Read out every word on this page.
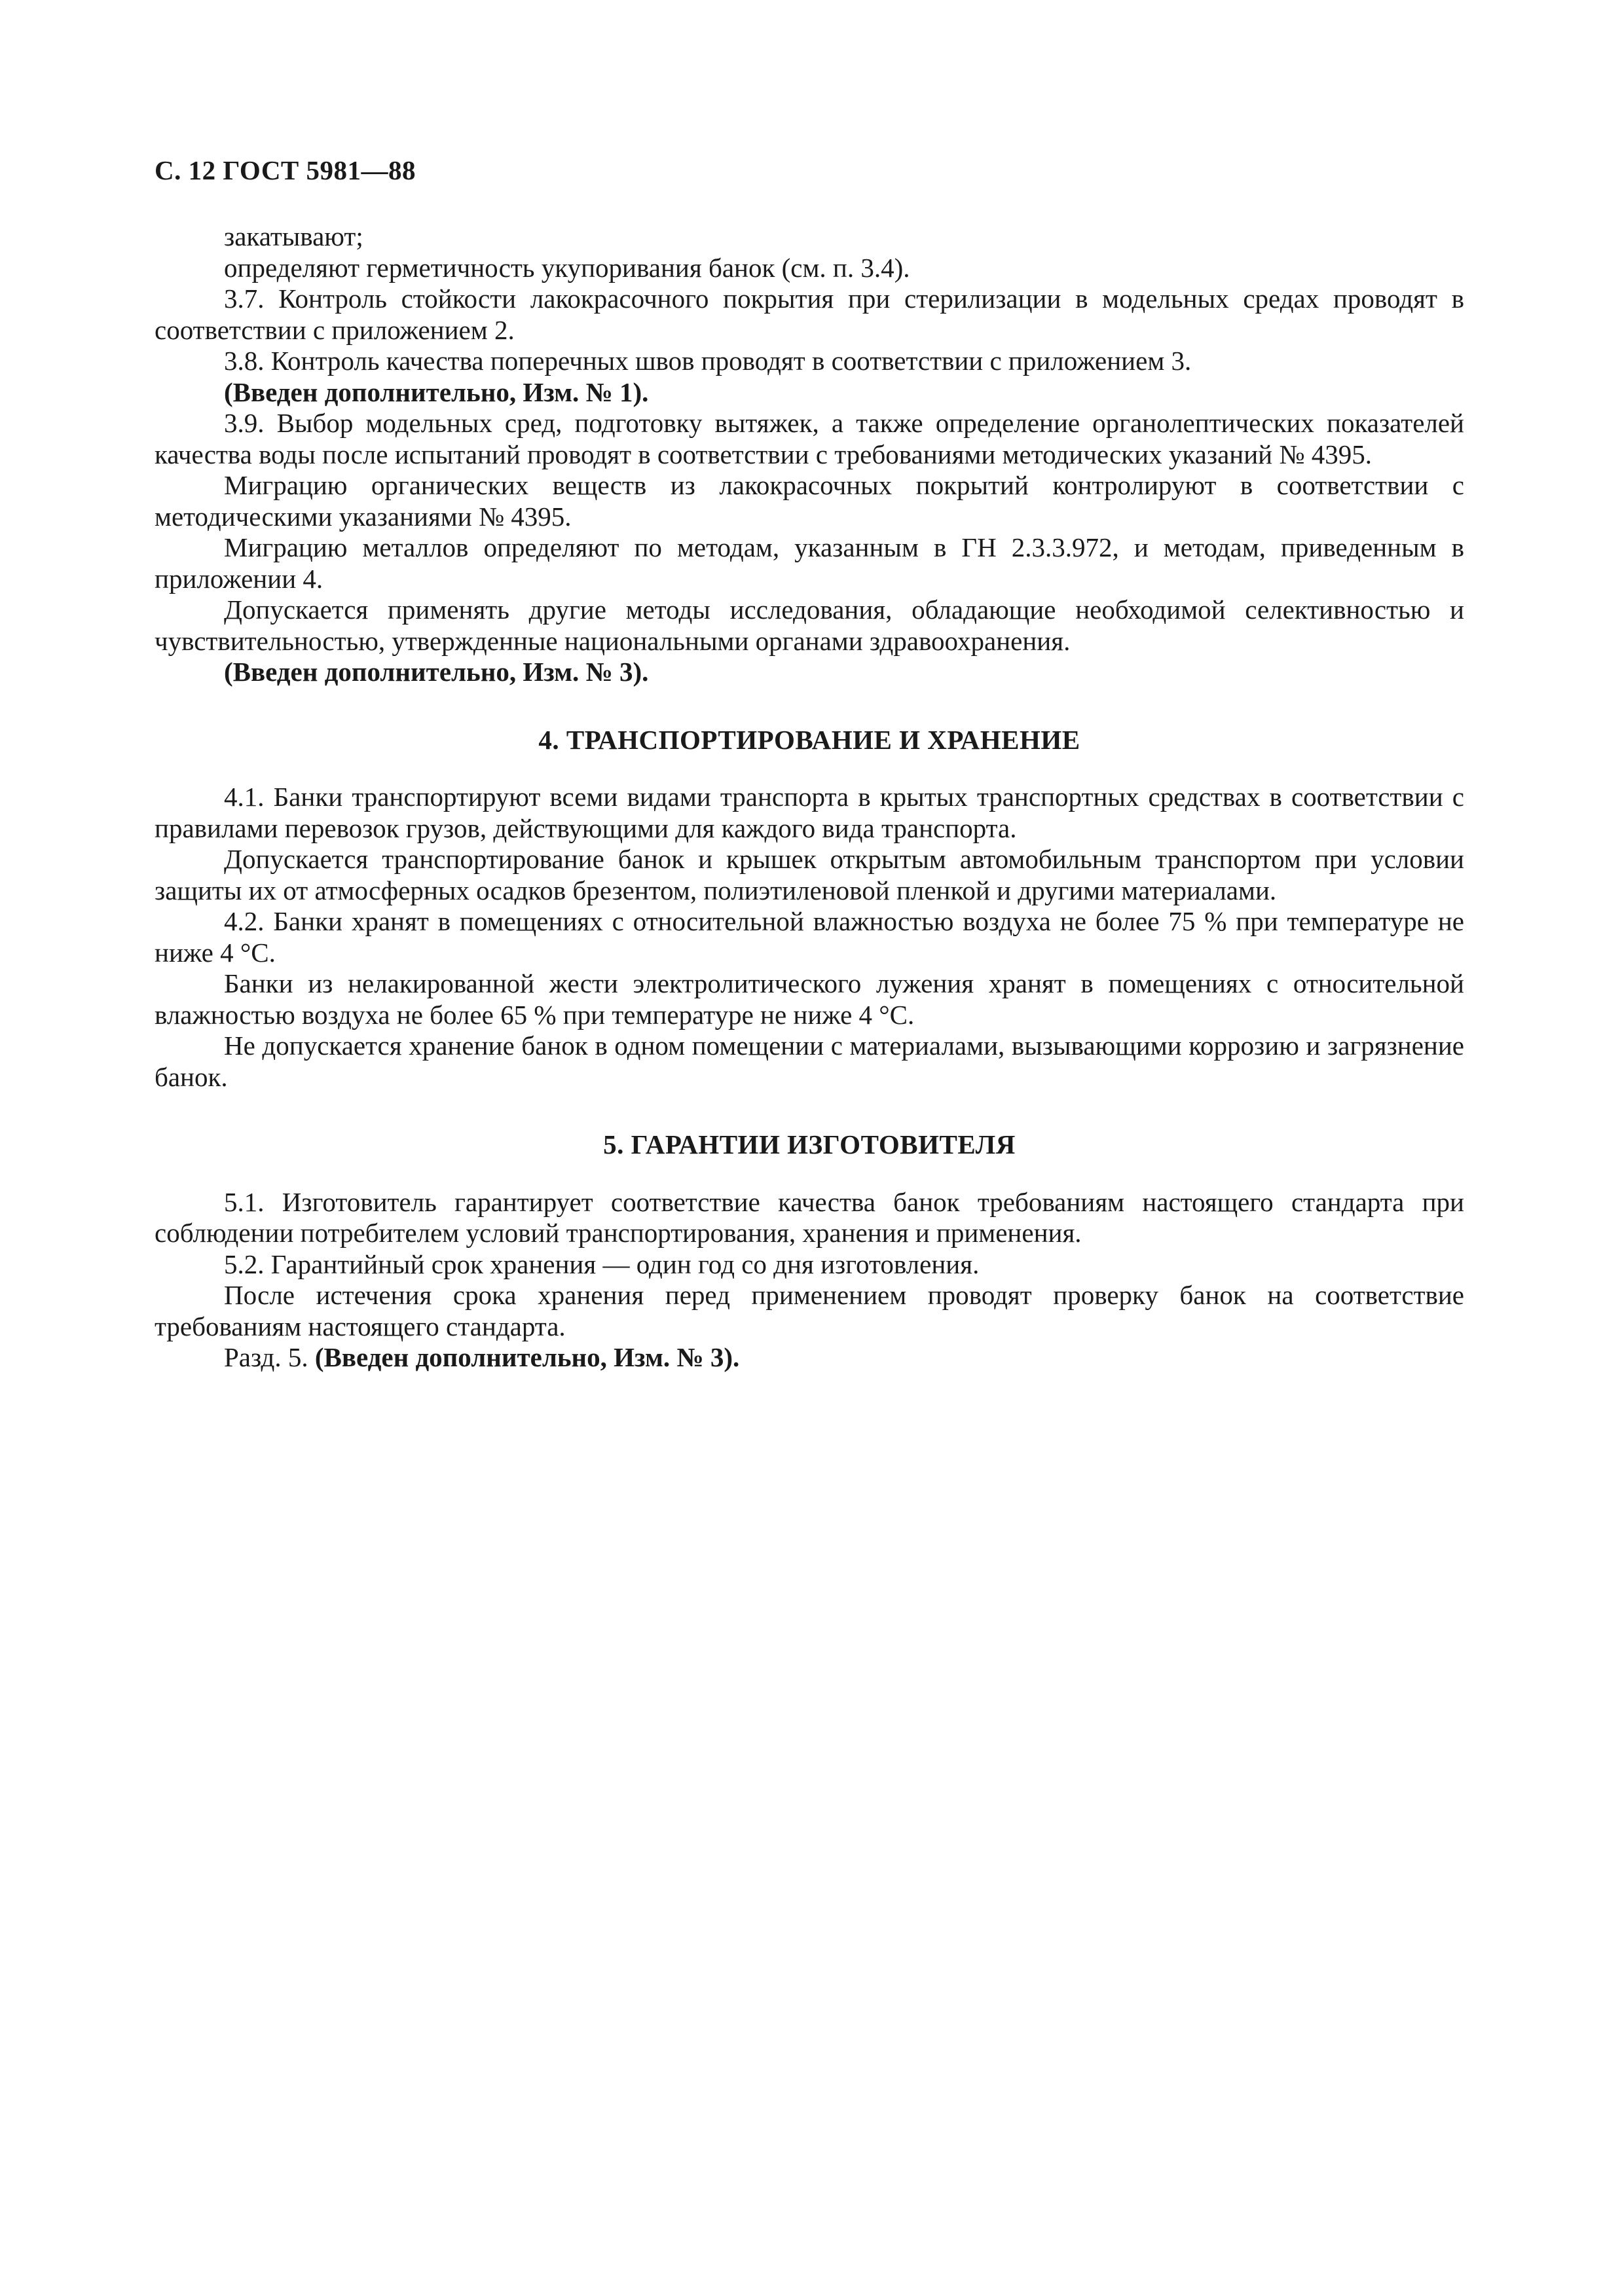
С. 12 ГОСТ 5981—88

закатывают;

определяют герметичность укупоривания банок (см. п. 3.4).

3.7. Контроль стойкости лакокрасочного покрытия при стерилизации в модельных средах проводят в соответствии с приложением 2.

3.8. Контроль качества поперечных швов проводят в соответствии с приложением 3.

(Введен дополнительно, Изм. № 1).

3.9. Выбор модельных сред, подготовку вытяжек, а также определение органолептических показателей качества воды после испытаний проводят в соответствии с требованиями методических указаний № 4395.

Миграцию органических веществ из лакокрасочных покрытий контролируют в соответствии с методическими указаниями № 4395.

Миграцию металлов определяют по методам, указанным в ГН 2.3.3.972, и методам, приведенным в приложении 4.

Допускается применять другие методы исследования, обладающие необходимой селективностью и чувствительностью, утвержденные национальными органами здравоохранения.

(Введен дополнительно, Изм. № 3).

4. ТРАНСПОРТИРОВАНИЕ И ХРАНЕНИЕ

4.1. Банки транспортируют всеми видами транспорта в крытых транспортных средствах в соответствии с правилами перевозок грузов, действующими для каждого вида транспорта.

Допускается транспортирование банок и крышек открытым автомобильным транспортом при условии защиты их от атмосферных осадков брезентом, полиэтиленовой пленкой и другими материалами.

4.2. Банки хранят в помещениях с относительной влажностью воздуха не более 75 % при температуре не ниже 4 °С.

Банки из нелакированной жести электролитического лужения хранят в помещениях с относительной влажностью воздуха не более 65 % при температуре не ниже 4 °С.

Не допускается хранение банок в одном помещении с материалами, вызывающими коррозию и загрязнение банок.

5. ГАРАНТИИ ИЗГОТОВИТЕЛЯ

5.1. Изготовитель гарантирует соответствие качества банок требованиям настоящего стандарта при соблюдении потребителем условий транспортирования, хранения и применения.

5.2. Гарантийный срок хранения — один год со дня изготовления.

После истечения срока хранения перед применением проводят проверку банок на соответствие требованиям настоящего стандарта.

Разд. 5. (Введен дополнительно, Изм. № 3).
